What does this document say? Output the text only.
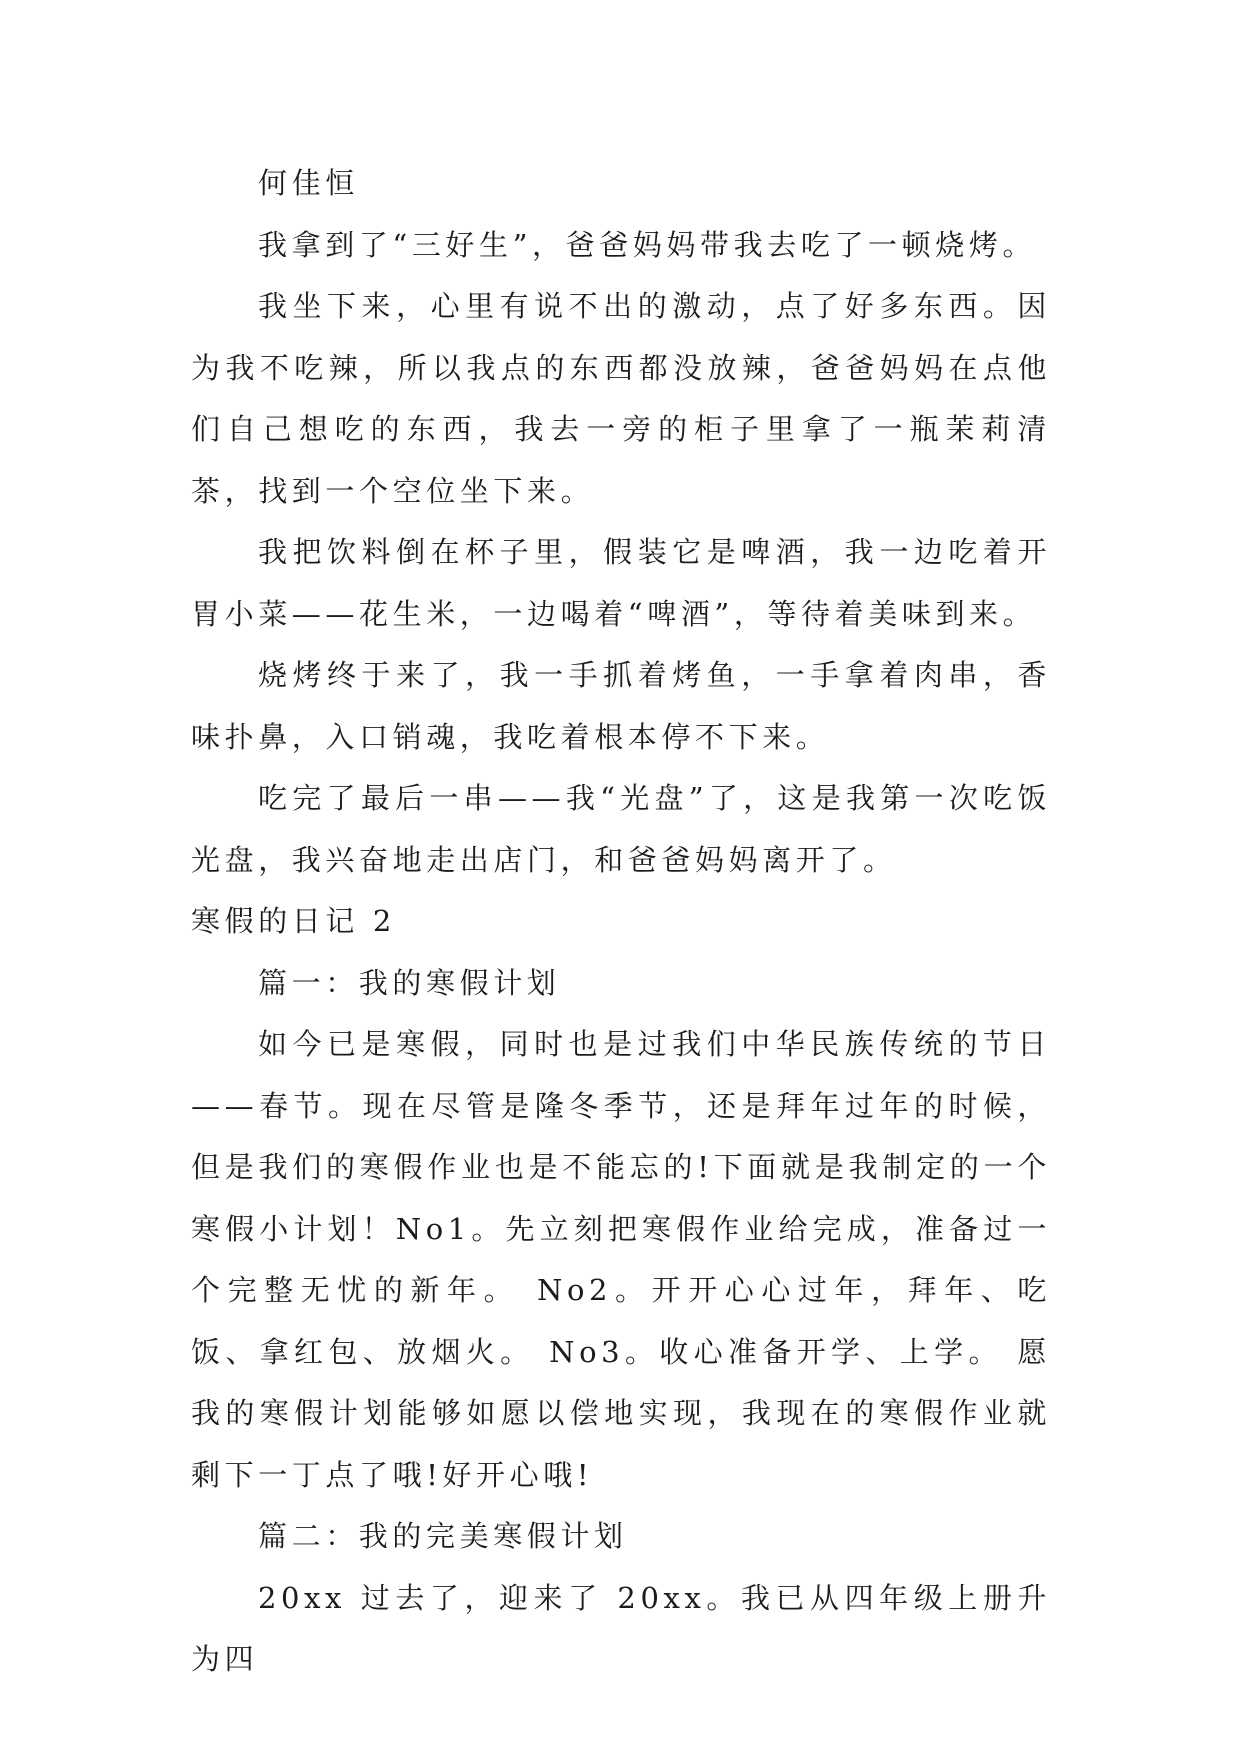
何佳恒

我拿到了“三好生”，爸爸妈妈带我去吃了一顿烧烤。

我坐下来，心里有说不出的激动，点了好多东西。因为我不吃辣，所以我点的东西都没放辣，爸爸妈妈在点他们自己想吃的东西，我去一旁的柜子里拿了一瓶茉莉清茶，找到一个空位坐下来。

我把饮料倒在杯子里，假装它是啤酒，我一边吃着开胃小菜——花生米，一边喝着“啤酒”，等待着美味到来。

烧烤终于来了，我一手抓着烤鱼，一手拿着肉串，香味扑鼻，入口销魂，我吃着根本停不下来。

吃完了最后一串——我“光盘”了，这是我第一次吃饭光盘，我兴奋地走出店门，和爸爸妈妈离开了。

寒假的日记 2

篇一：我的寒假计划

如今已是寒假，同时也是过我们中华民族传统的节日——春节。现在尽管是隆冬季节，还是拜年过年的时候，但是我们的寒假作业也是不能忘的!下面就是我制定的一个寒假小计划！No1。先立刻把寒假作业给完成，准备过一个完整无忧的新年。 No2。开开心心过年，拜年、吃饭、拿红包、放烟火。 No3。收心准备开学、上学。 愿我的寒假计划能够如愿以偿地实现，我现在的寒假作业就剩下一丁点了哦!好开心哦!

篇二：我的完美寒假计划

20xx 过去了，迎来了 20xx。我已从四年级上册升为四
